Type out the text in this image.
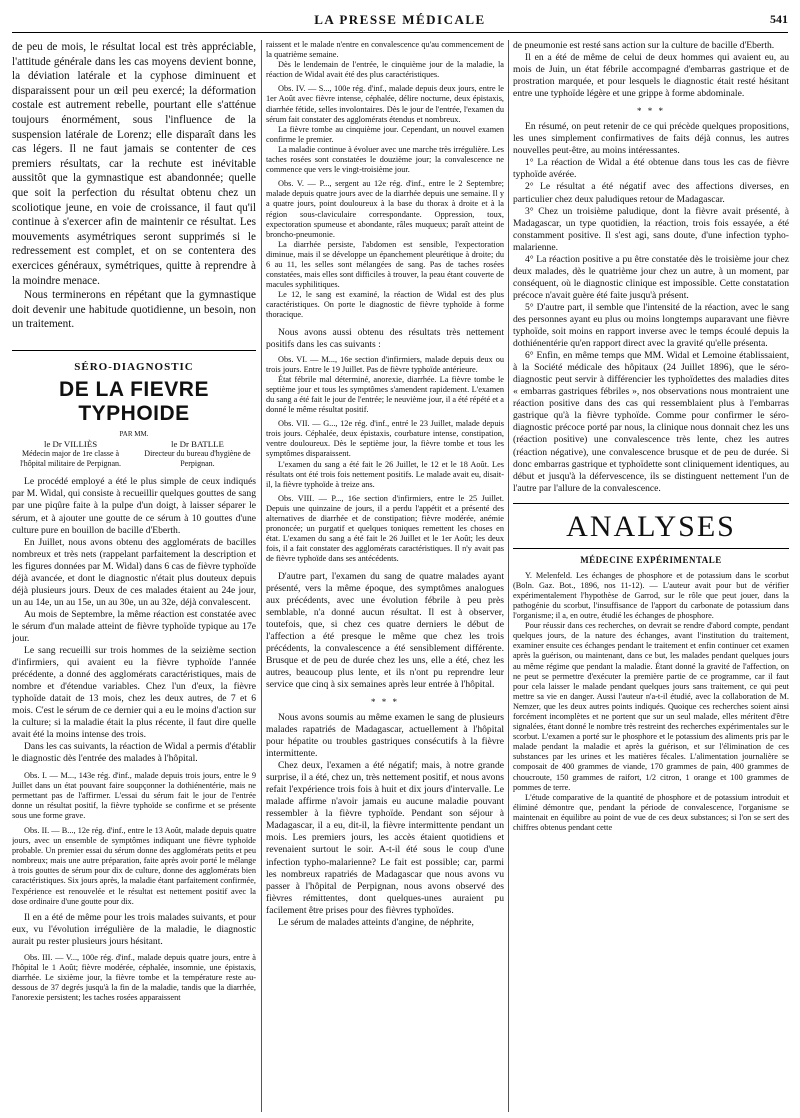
LA PRESSE MÉDICALE	541

de peu de mois, le résultat local est très appréciable, l'attitude générale dans les cas moyens devient bonne, la déviation latérale et la cyphose diminuent et disparaissent pour un œil peu exercé; la déformation costale est autrement rebelle, pourtant elle s'atténue toujours énormément, sous l'influence de la suspension latérale de Lorenz; elle disparaît dans les cas légers. Il ne faut jamais se contenter de ces premiers résultats, car la rechute est inévitable aussitôt que la gymnastique est abandonnée; quelle que soit la perfection du résultat obtenu chez un scoliotique jeune, en voie de croissance, il faut qu'il continue à s'exercer afin de maintenir ce résultat. Les mouvements asymétriques seront supprimés si le redressement est complet, et on se contentera des exercices généraux, symétriques, quitte à reprendre à la moindre menace.

Nous terminerons en répétant que la gymnastique doit devenir une habitude quotidienne, un besoin, non un traitement.

SÉRO-DIAGNOSTIC
DE LA FIEVRE TYPHOIDE
PAR MM.
le Dr VILLIÈS
Médecin major de 1re classe à l'hôpital militaire de Perpignan.
le Dr BATLLE
Directeur du bureau d'hygiène de Perpignan.

Le procédé employé a été le plus simple de ceux indiqués par M. Widal, qui consiste à recueillir quelques gouttes de sang par une piqûre faite à la pulpe d'un doigt, à laisser séparer le sérum, et à ajouter une goutte de ce sérum à 10 gouttes d'une culture pure en bouillon de bacille d'Eberth.

En Juillet, nous avons obtenu des agglomérats de bacilles nombreux et très nets (rappelant parfaitement la description et les figures données par M. Widal) dans 6 cas de fièvre typhoïde déjà avancée, et dont le diagnostic n'était plus douteux depuis déjà plusieurs jours. Deux de ces malades étaient au 24e jour, un au 14e, un au 15e, un au 30e, un au 32e, déjà convalescent.

Au mois de Septembre, la même réaction est constatée avec le sérum d'un malade atteint de fièvre typhoïde typique au 17e jour.

Le sang recueilli sur trois hommes de la seizième section d'infirmiers, qui avaient eu la fièvre typhoïde l'année précédente, a donné des agglomérats caractéristiques, mais de nombre et d'étendue variables. Chez l'un d'eux, la fièvre typhoïde datait de 13 mois, chez les deux autres, de 7 et 6 mois. C'est le sérum de ce dernier qui a eu le moins d'action sur la culture; si la maladie était la plus récente, il faut dire quelle avait été la moins intense des trois.

Dans les cas suivants, la réaction de Widal a permis d'établir le diagnostic dès l'entrée des malades à l'hôpital.

Obs. I. — M..., 143e rég. d'inf., malade depuis trois jours, entre le 9 Juillet dans un état pouvant faire soupçonner la dothiénentérie, mais ne permettant pas de l'affirmer. L'essai du sérum fait le jour de l'entrée donne un résultat positif, la fièvre typhoïde se confirme et se présente sous une forme grave.

Obs. II. — B..., 12e rég. d'inf., entre le 13 Août, malade depuis quatre jours, avec un ensemble de symptômes indiquant une fièvre typhoïde probable. Un premier essai du sérum donne des agglomérats petits et peu nombreux; mais une autre préparation, faite après avoir porté le mélange à trois gouttes de sérum pour dix de culture, donne des agglomérats bien caractéristiques. Six jours après, la maladie étant parfaitement confirmée, l'expérience est renouvelée et le résultat est nettement positif avec la dose ordinaire d'une goutte pour dix.

Il en a été de même pour les trois malades suivants, et pour eux, vu l'évolution irrégulière de la maladie, le diagnostic aurait pu rester plusieurs jours hésitant.

Obs. III. — V..., 100e rég. d'inf., malade depuis quatre jours, entre à l'hôpital le 1 Août; fièvre modérée, céphalée, insomnie, une épistaxis, diarrhée. Le sixième jour, la fièvre tombe et la température reste au-dessous de 37 degrés jusqu'à la fin de la maladie, tandis que la diarrhée, l'anorexie persistent; les taches rosées apparaissent

raissent et le malade n'entre en convalescence qu'au commencement de la quatrième semaine.

Dès le lendemain de l'entrée, le cinquième jour de la maladie, la réaction de Widal avait été des plus caractéristiques.

Obs. IV. — S..., 100e rég. d'inf., malade depuis deux jours, entre le 1er Août avec fièvre intense, céphalée, délire nocturne, deux épistaxis, diarrhée fétide, selles involontaires. Dès le jour de l'entrée, l'examen du sérum fait constater des agglomérats étendus et nombreux.

La fièvre tombe au cinquième jour. Cependant, un nouvel examen confirme le premier.

La maladie continue à évoluer avec une marche très irrégulière. Les taches rosées sont constatées le douzième jour; la convalescence ne commence que vers le vingt-troisième jour.

Obs. V. — P..., sergent au 12e rég. d'inf., entre le 2 Septembre; malade depuis quatre jours avec de la diarrhée depuis une semaine. Il y a quatre jours, point douloureux à la base du thorax à droite et à la région sous-claviculaire correspondante. Oppression, toux, expectoration spumeuse et abondante, râles muqueux; paraît atteint de broncho-pneumonie.

La diarrhée persiste, l'abdomen est sensible, l'expectoration diminue, mais il se développe un épanchement pleurétique à droite; du 6 au 11, les selles sont mélangées de sang. Pas de taches rosées constatées, mais elles sont difficiles à trouver, la peau étant couverte de macules syphilitiques.

Le 12, le sang est examiné, la réaction de Widal est des plus caractéristiques. On porte le diagnostic de fièvre typhoïde à forme thoracique.

Nous avons aussi obtenu des résultats très nettement positifs dans les cas suivants :

Obs. VI. — M..., 16e section d'infirmiers, malade depuis deux ou trois jours. Entre le 19 Juillet. Pas de fièvre typhoïde antérieure.

État fébrile mal déterminé, anorexie, diarrhée. La fièvre tombe le septième jour et tous les symptômes s'amendent rapidement. L'examen du sang a été fait le jour de l'entrée; le neuvième jour, il a été répété et a donné le même résultat positif.

Obs. VII. — G..., 12e rég. d'inf., entré le 23 Juillet, malade depuis trois jours. Céphalée, deux épistaxis, courbature intense, constipation, ventre douloureux. Dès le septième jour, la fièvre tombe et tous les symptômes disparaissent.

L'examen du sang a été fait le 26 Juillet, le 12 et le 18 Août. Les résultats ont été trois fois nettement positifs. Le malade avait eu, disait-il, la fièvre typhoïde à treize ans.

Obs. VIII. — P..., 16e section d'infirmiers, entre le 25 Juillet. Depuis une quinzaine de jours, il a perdu l'appétit et a présenté des alternatives de diarrhée et de constipation; fièvre modérée, anémie prononcée; un purgatif et quelques toniques remettent les choses en état. L'examen du sang a été fait le 26 Juillet et le 1er Août; les deux fois, il a fait constater des agglomérats caractéristiques. Il n'y avait pas de fièvre typhoïde dans ses antécédents.

D'autre part, l'examen du sang de quatre malades ayant présenté, vers la même époque, des symptômes analogues aux précédents, avec une évolution fébrile à peu près semblable, n'a donné aucun résultat. Il est à observer, toutefois, que, si chez ces quatre derniers le début de l'affection a été presque le même que chez les trois précédents, la convalescence a été sensiblement différente. Brusque et de peu de durée chez les uns, elle a été, chez les autres, beaucoup plus lente, et ils n'ont pu reprendre leur service que cinq à six semaines après leur entrée à l'hôpital.

* * *

Nous avons soumis au même examen le sang de plusieurs malades rapatriés de Madagascar, actuellement à l'hôpital pour hépatite ou troubles gastriques consécutifs à la fièvre intermittente.

Chez deux, l'examen a été négatif; mais, à notre grande surprise, il a été, chez un, très nettement positif, et nous avons refait l'expérience trois fois à huit et dix jours d'intervalle. Le malade affirme n'avoir jamais eu aucune maladie pouvant ressembler à la fièvre typhoïde. Pendant son séjour à Madagascar, il a eu, dit-il, la fièvre intermittente pendant un mois. Les premiers jours, les accès étaient quotidiens et revenaient surtout le soir. A-t-il été sous le coup d'une infection typho-malarienne? Le fait est possible; car, parmi les nombreux rapatriés de Madagascar que nous avons vu passer à l'hôpital de Perpignan, nous avons observé des fièvres rémittentes, dont quelques-unes auraient pu facilement être prises pour des fièvres typhoïdes.

Le sérum de malades atteints d'angine, de néphrite,

de pneumonie est resté sans action sur la culture de bacille d'Eberth.

Il en a été de même de celui de deux hommes qui avaient eu, au mois de Juin, un état fébrile accompagné d'embarras gastrique et de prostration marquée, et pour lesquels le diagnostic était resté hésitant entre une typhoïde légère et une grippe à forme abdominale.

* * *

En résumé, on peut retenir de ce qui précède quelques propositions, les unes simplement confirmatives de faits déjà connus, les autres nouvelles peut-être, au moins intéressantes.

1° La réaction de Widal a été obtenue dans tous les cas de fièvre typhoïde avérée.

2° Le résultat a été négatif avec des affections diverses, en particulier chez deux paludiques retour de Madagascar.

3° Chez un troisième paludique, dont la fièvre avait présenté, à Madagascar, un type quotidien, la réaction, trois fois essayée, a été constamment positive. Il s'est agi, sans doute, d'une infection typho-malarienne.

4° La réaction positive a pu être constatée dès le troisième jour chez deux malades, dès le quatrième jour chez un autre, à un moment, par conséquent, où le diagnostic clinique est impossible. Cette constatation précoce n'avait guère été faite jusqu'à présent.

5° D'autre part, il semble que l'intensité de la réaction, avec le sang des personnes ayant eu plus ou moins longtemps auparavant une fièvre typhoïde, soit moins en rapport inverse avec le temps écoulé depuis la dothiénentérie qu'en rapport direct avec la gravité qu'elle présenta.

6° Enfin, en même temps que MM. Widal et Lemoine établissaient, à la Société médicale des hôpitaux (24 Juillet 1896), que le séro-diagnostic peut servir à différencier les typhoïdettes des maladies dites « embarras gastriques fébriles », nos observations nous montraient une réaction positive dans des cas qui ressemblaient plus à l'embarras gastrique qu'à la fièvre typhoïde. Comme pour confirmer le séro-diagnostic précoce porté par nous, la clinique nous donnait chez les uns (réaction positive) une convalescence très lente, chez les autres (réaction négative), une convalescence brusque et de peu de durée. Si donc embarras gastrique et typhoïdette sont cliniquement identiques, au début et jusqu'à la défervescence, ils se distinguent nettement l'un de l'autre par l'allure de la convalescence.

ANALYSES
MÉDECINE EXPÉRIMENTALE

Y. Melenfeld. Les échanges de phosphore et de potassium dans le scorbut (Boln. Gaz. Bot., 1896, nos 11-12). — L'auteur avait pour but de vérifier expérimentalement l'hypothèse de Garrod, sur le rôle que peut jouer, dans la pathogénie du scorbut, l'insuffisance de l'apport du carbonate de potassium dans l'organisme; il a, en outre, étudié les échanges de phosphore.

Pour réussir dans ces recherches, on devrait se rendre d'abord compte, pendant quelques jours, de la nature des échanges, avant l'institution du traitement, examiner ensuite ces échanges pendant le traitement et enfin continuer cet examen après la guérison, ou maintenant, dans ce but, les malades pendant quelques jours au même régime que pendant la maladie. Étant donné la gravité de l'affection, on ne peut se permettre d'exécuter la première partie de ce programme, car il faut pour cela laisser le malade pendant quelques jours sans traitement, ce qui peut mettre sa vie en danger. Aussi l'auteur n'a-t-il étudié, avec la collaboration de M. Nemzer, que les deux autres points indiqués. Quoique ces recherches soient ainsi forcément incomplètes et ne portent que sur un seul malade, elles méritent d'être signalées, étant donné le nombre très restreint des recherches expérimentales sur le scorbut. L'examen a porté sur le phosphore et le potassium des aliments pris par le malade pendant la maladie et après la guérison, et sur l'élimination de ces substances par les urines et les matières fécales. L'alimentation journalière se composait de 400 grammes de viande, 170 grammes de pain, 400 grammes de choucroute, 150 grammes de raifort, 1/2 citron, 1 orange et 100 grammes de pommes de terre.

L'étude comparative de la quantité de phosphore et de potassium introduit et éliminé démontre que, pendant la période de convalescence, l'organisme se maintenait en équilibre au point de vue de ces deux substances; si l'on se sert des chiffres obtenus pendant cette
